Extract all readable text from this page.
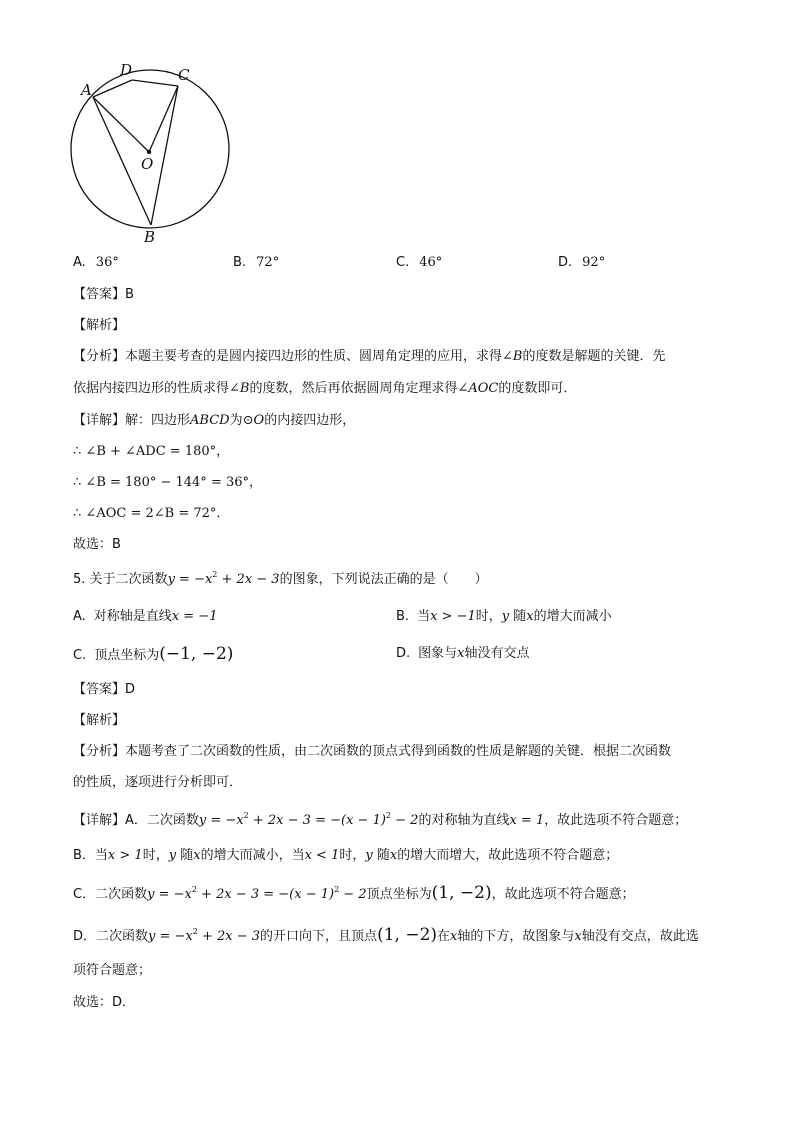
A
D	C
O
B
A. 36°	B. 72°	C. 46°	D. 92°
【答案】B
【解析】
【分析】本题主要考查的是圆内接四边形的性质、圆周角定理的应用，求得∠B的度数是解题的关键．先
依据内接四边形的性质求得∠B的度数，然后再依据圆周角定理求得∠AOC的度数即可．
【详解】解：四边形ABCD为⊙O的内接四边形，
∴ ∠B + ∠ADC = 180°，
∴ ∠B = 180° − 144° = 36°，
∴ ∠AOC = 2∠B = 72°．
故选：B
5. 关于二次函数$y = -x^2 + 2x - 3$的图象，下列说法正确的是（　　）
A. 对称轴是直线x = −1	B. 当x > −1时，y 随x的增大而减小
C. 顶点坐标为(−1, −2)	D. 图象与x轴没有交点
【答案】D
【解析】
【分析】本题考查了二次函数的性质，由二次函数的顶点式得到函数的性质是解题的关键．根据二次函数
的性质，逐项进行分析即可．
【详解】A．二次函数$y = -x^2 + 2x - 3 = -(x - 1)^2 - 2$的对称轴为直线x = 1，故此选项不符合题意；
B．当x > 1时，y 随x的增大而减小，当x < 1时，y 随x的增大而增大，故此选项不符合题意；
C．二次函数$y = -x^2 + 2x - 3 = -(x - 1)^2 - 2$顶点坐标为(1, −2)，故此选项不符合题意；
D．二次函数$y = -x^2 + 2x - 3$的开口向下，且顶点(1, −2)在x轴的下方，故图象与x轴没有交点，故此选
项符合题意；
故选：D．
